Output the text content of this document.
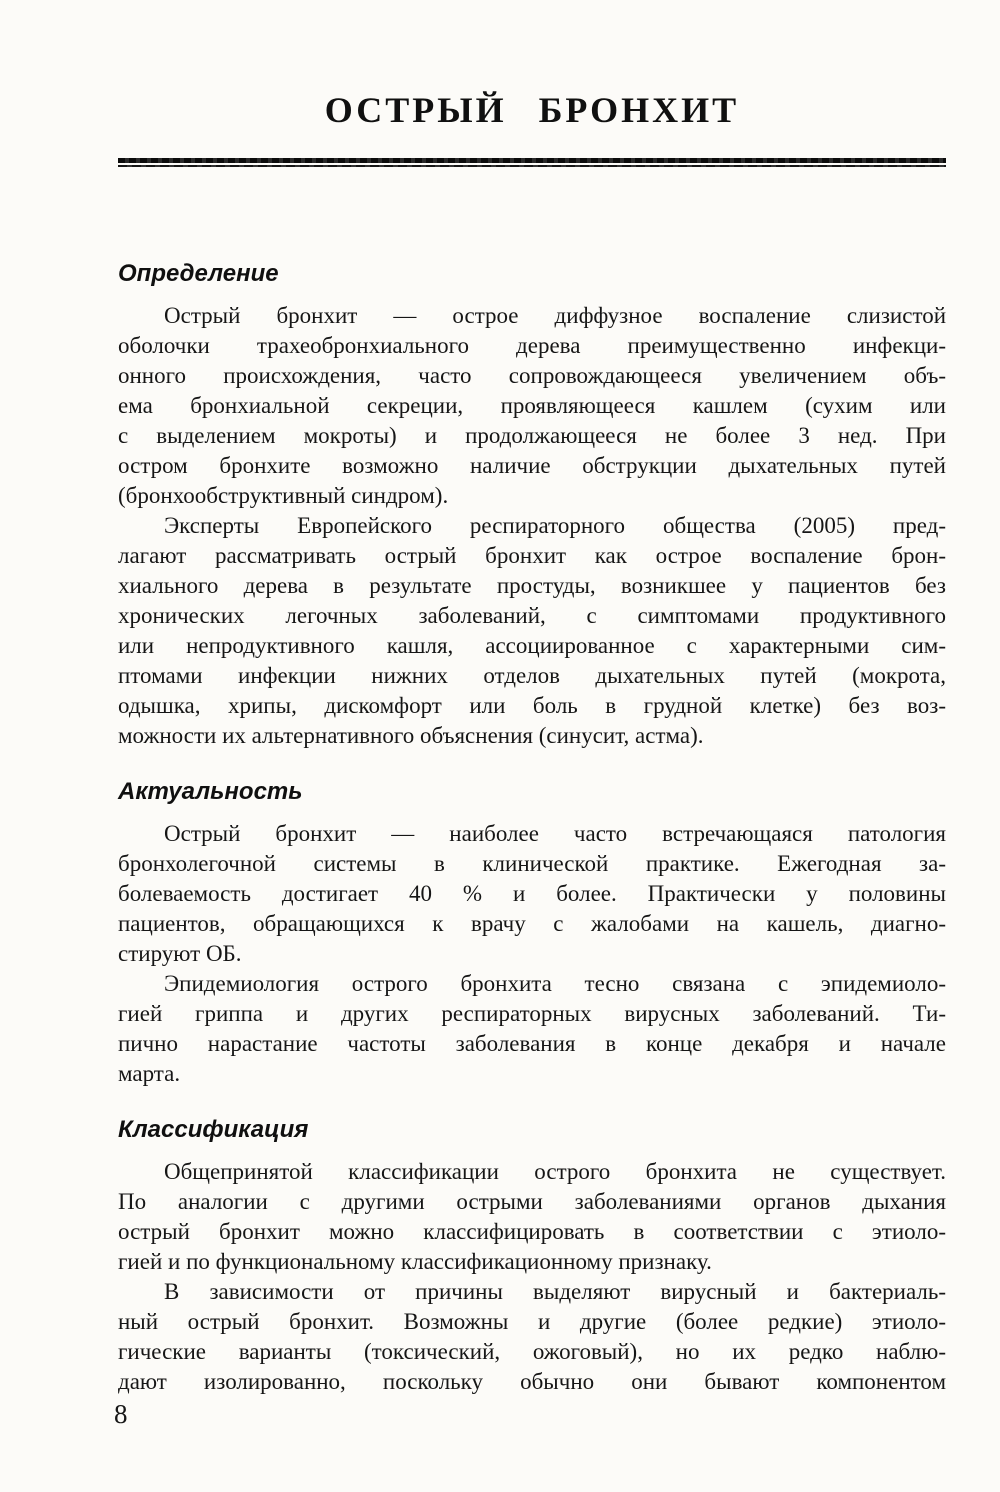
ОСТРЫЙ БРОНХИТ
Определение
Острый бронхит — острое диффузное воспаление слизистой
оболочки трахеобронхиального дерева преимущественно инфекци-
онного происхождения, часто сопровождающееся увеличением объ-
ема бронхиальной секреции, проявляющееся кашлем (сухим или
с выделением мокроты) и продолжающееся не более 3 нед. При
остром бронхите возможно наличие обструкции дыхательных путей
(бронхообструктивный синдром).
Эксперты Европейского респираторного общества (2005) пред-
лагают рассматривать острый бронхит как острое воспаление брон-
хиального дерева в результате простуды, возникшее у пациентов без
хронических легочных заболеваний, с симптомами продуктивного
или непродуктивного кашля, ассоциированное с характерными сим-
птомами инфекции нижних отделов дыхательных путей (мокрота,
одышка, хрипы, дискомфорт или боль в грудной клетке) без воз-
можности их альтернативного объяснения (синусит, астма).
Актуальность
Острый бронхит — наиболее часто встречающаяся патология
бронхолегочной системы в клинической практике. Ежегодная за-
болеваемость достигает 40 % и более. Практически у половины
пациентов, обращающихся к врачу с жалобами на кашель, диагно-
стируют ОБ.
Эпидемиология острого бронхита тесно связана с эпидемиоло-
гией гриппа и других респираторных вирусных заболеваний. Ти-
пично нарастание частоты заболевания в конце декабря и начале
марта.
Классификация
Общепринятой классификации острого бронхита не существует.
По аналогии с другими острыми заболеваниями органов дыхания
острый бронхит можно классифицировать в соответствии с этиоло-
гией и по функциональному классификационному признаку.
В зависимости от причины выделяют вирусный и бактериаль-
ный острый бронхит. Возможны и другие (более редкие) этиоло-
гические варианты (токсический, ожоговый), но их редко наблю-
дают изолированно, поскольку обычно они бывают компонентом
8
